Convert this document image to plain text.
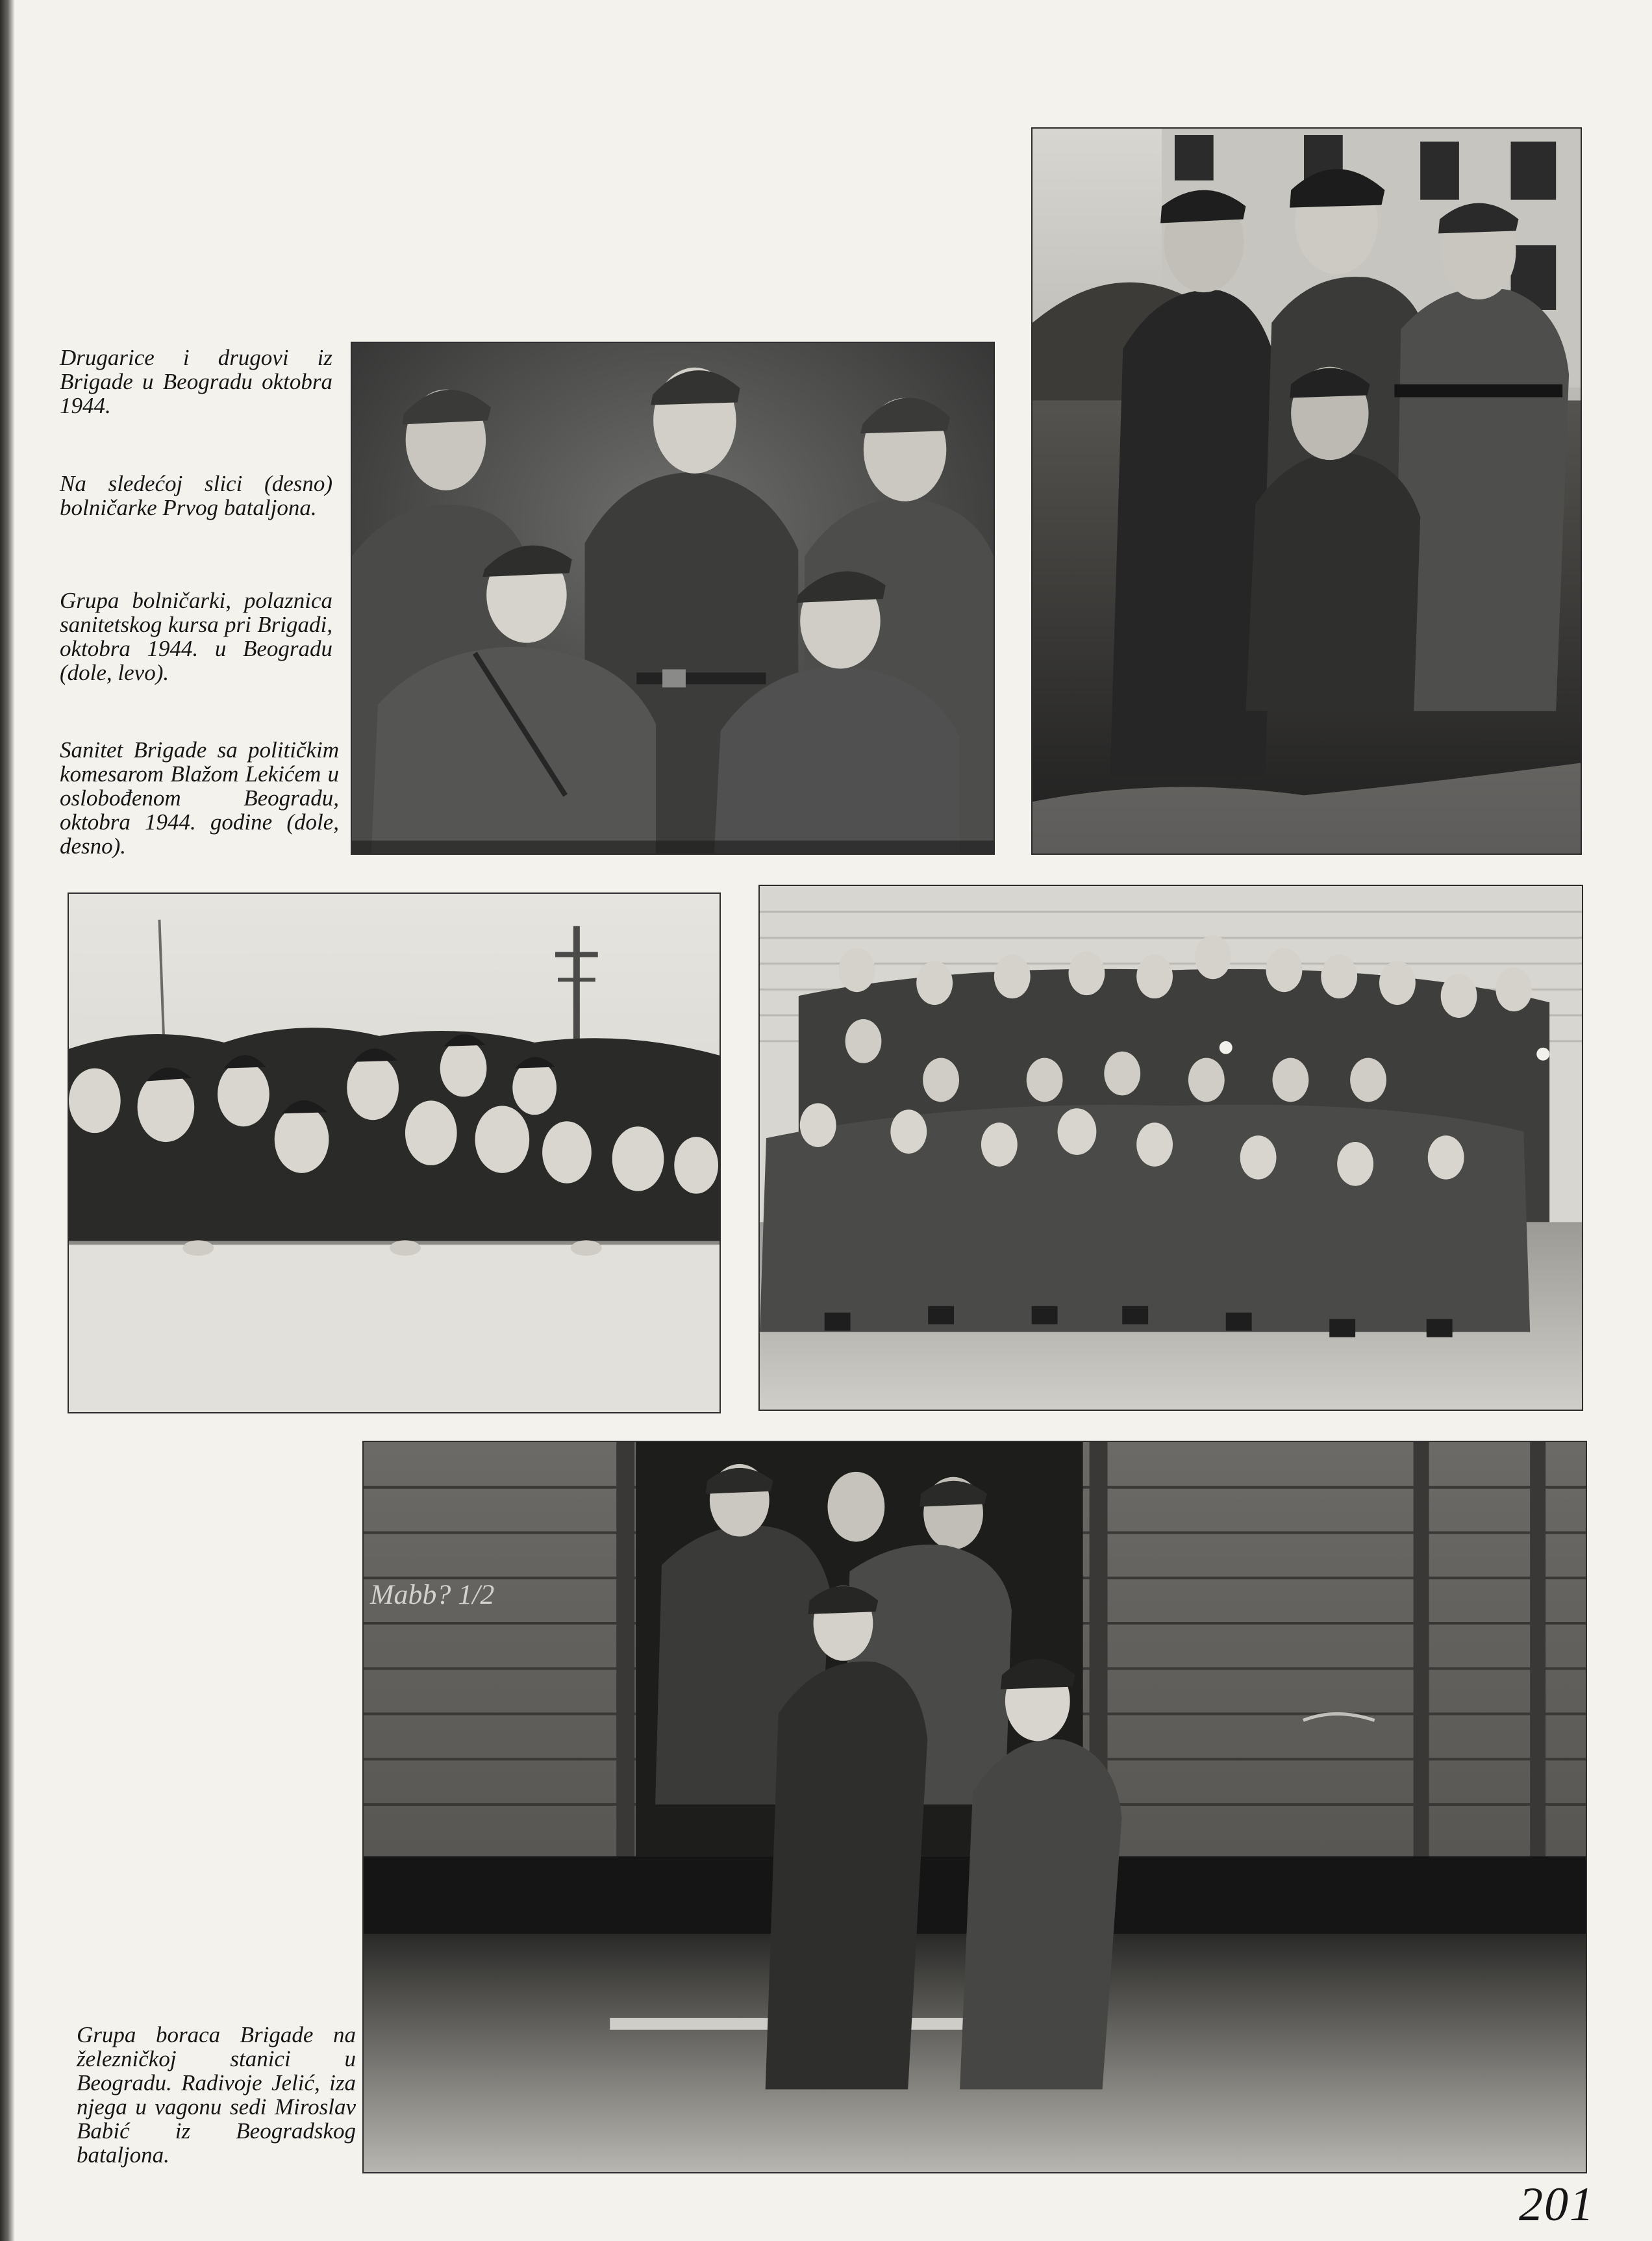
Drugarice i drugovi iz Brigade u Beogradu oktobra 1944.

Na sledećoj slici (desno) bolničarke Prvog bataljona.

Grupa bolničarki, polaznica sanitetskog kursa pri Brigadi, oktobra 1944. u Beogradu (dole, levo).

Sanitet Brigade sa političkim komesarom Blažom Lekićem u oslobođenom Beogradu, oktobra 1944. godine (dole, desno).

Grupa boraca Brigade na železničkoj stanici u Beogradu. Radivoje Jelić, iza njega u vagonu sedi Miroslav Babić iz Beogradskog bataljona.

Mabb? 1/2
201
